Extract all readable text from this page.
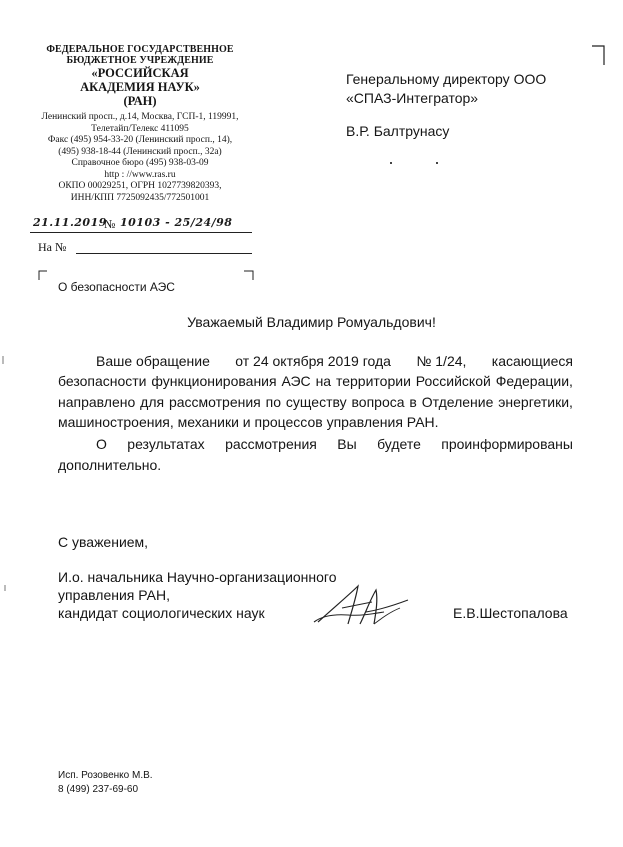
ФЕДЕРАЛЬНОЕ ГОСУДАРСТВЕННОЕ
БЮДЖЕТНОЕ УЧРЕЖДЕНИЕ
«РОССИЙСКАЯ
АКАДЕМИЯ НАУК»
(РАН)
Ленинский просп., д.14, Москва, ГСП-1, 119991,
Телетайп/Телекс 411095
Факс (495) 954-33-20 (Ленинский просп., 14),
(495) 938-18-44 (Ленинский просп., 32а)
Справочное бюро (495) 938-03-09
http : //www.ras.ru
ОКПО 00029251, ОГРН 1027739820393,
ИНН/КПП 7725092435/772501001
21.11.2019
№ 10103 - 25/24/98
На №
Генеральному директору ООО
«СПАЗ-Интегратор»
В.Р. Балтрунасу
О безопасности АЭС
Уважаемый Владимир Ромуальдович!
Ваше обращение от 24 октября 2019 года № 1/24, касающиеся
безопасности функционирования АЭС на территории Российской Федерации,
направлено для рассмотрения по существу вопроса в Отделение энергетики,
машиностроения, механики и процессов управления РАН.
О результатах рассмотрения Вы будете проинформированы
дополнительно.
С уважением,
И.о. начальника Научно-организационного
управления РАН,
кандидат социологических наук	Е.В.Шестопалова
Исп. Розовенко М.В.
8 (499) 237-69-60
